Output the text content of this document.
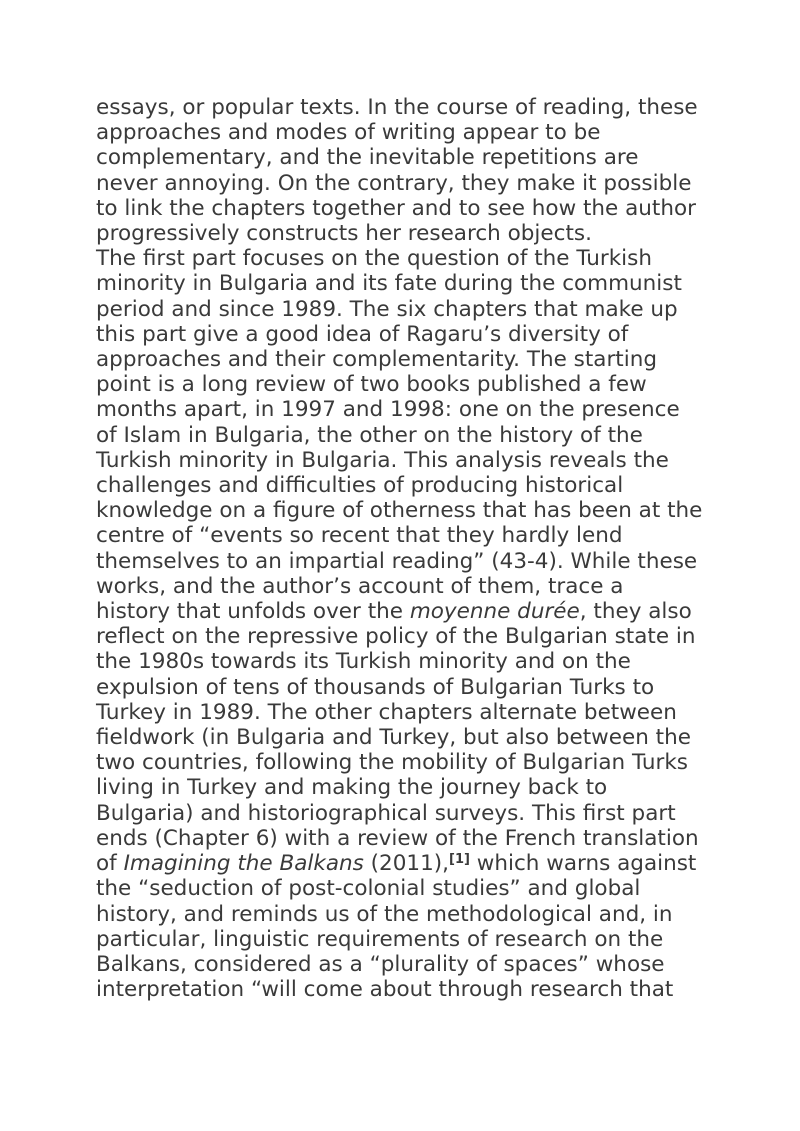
essays, or popular texts. In the course of reading, these
approaches and modes of writing appear to be
complementary, and the inevitable repetitions are
never annoying. On the contrary, they make it possible
to link the chapters together and to see how the author
progressively constructs her research objects.

The first part focuses on the question of the Turkish
minority in Bulgaria and its fate during the communist
period and since 1989. The six chapters that make up
this part give a good idea of Ragaru’s diversity of
approaches and their complementarity. The starting
point is a long review of two books published a few
months apart, in 1997 and 1998: one on the presence
of Islam in Bulgaria, the other on the history of the
Turkish minority in Bulgaria. This analysis reveals the
challenges and difficulties of producing historical
knowledge on a figure of otherness that has been at the
centre of “events so recent that they hardly lend
themselves to an impartial reading” (43-4). While these
works, and the author’s account of them, trace a
history that unfolds over the moyenne durée, they also
reflect on the repressive policy of the Bulgarian state in
the 1980s towards its Turkish minority and on the
expulsion of tens of thousands of Bulgarian Turks to
Turkey in 1989. The other chapters alternate between
fieldwork (in Bulgaria and Turkey, but also between the
two countries, following the mobility of Bulgarian Turks
living in Turkey and making the journey back to
Bulgaria) and historiographical surveys. This first part
ends (Chapter 6) with a review of the French translation
of Imagining the Balkans (2011),[1] which warns against
the “seduction of post-colonial studies” and global
history, and reminds us of the methodological and, in
particular, linguistic requirements of research on the
Balkans, considered as a “plurality of spaces” whose
interpretation “will come about through research that
